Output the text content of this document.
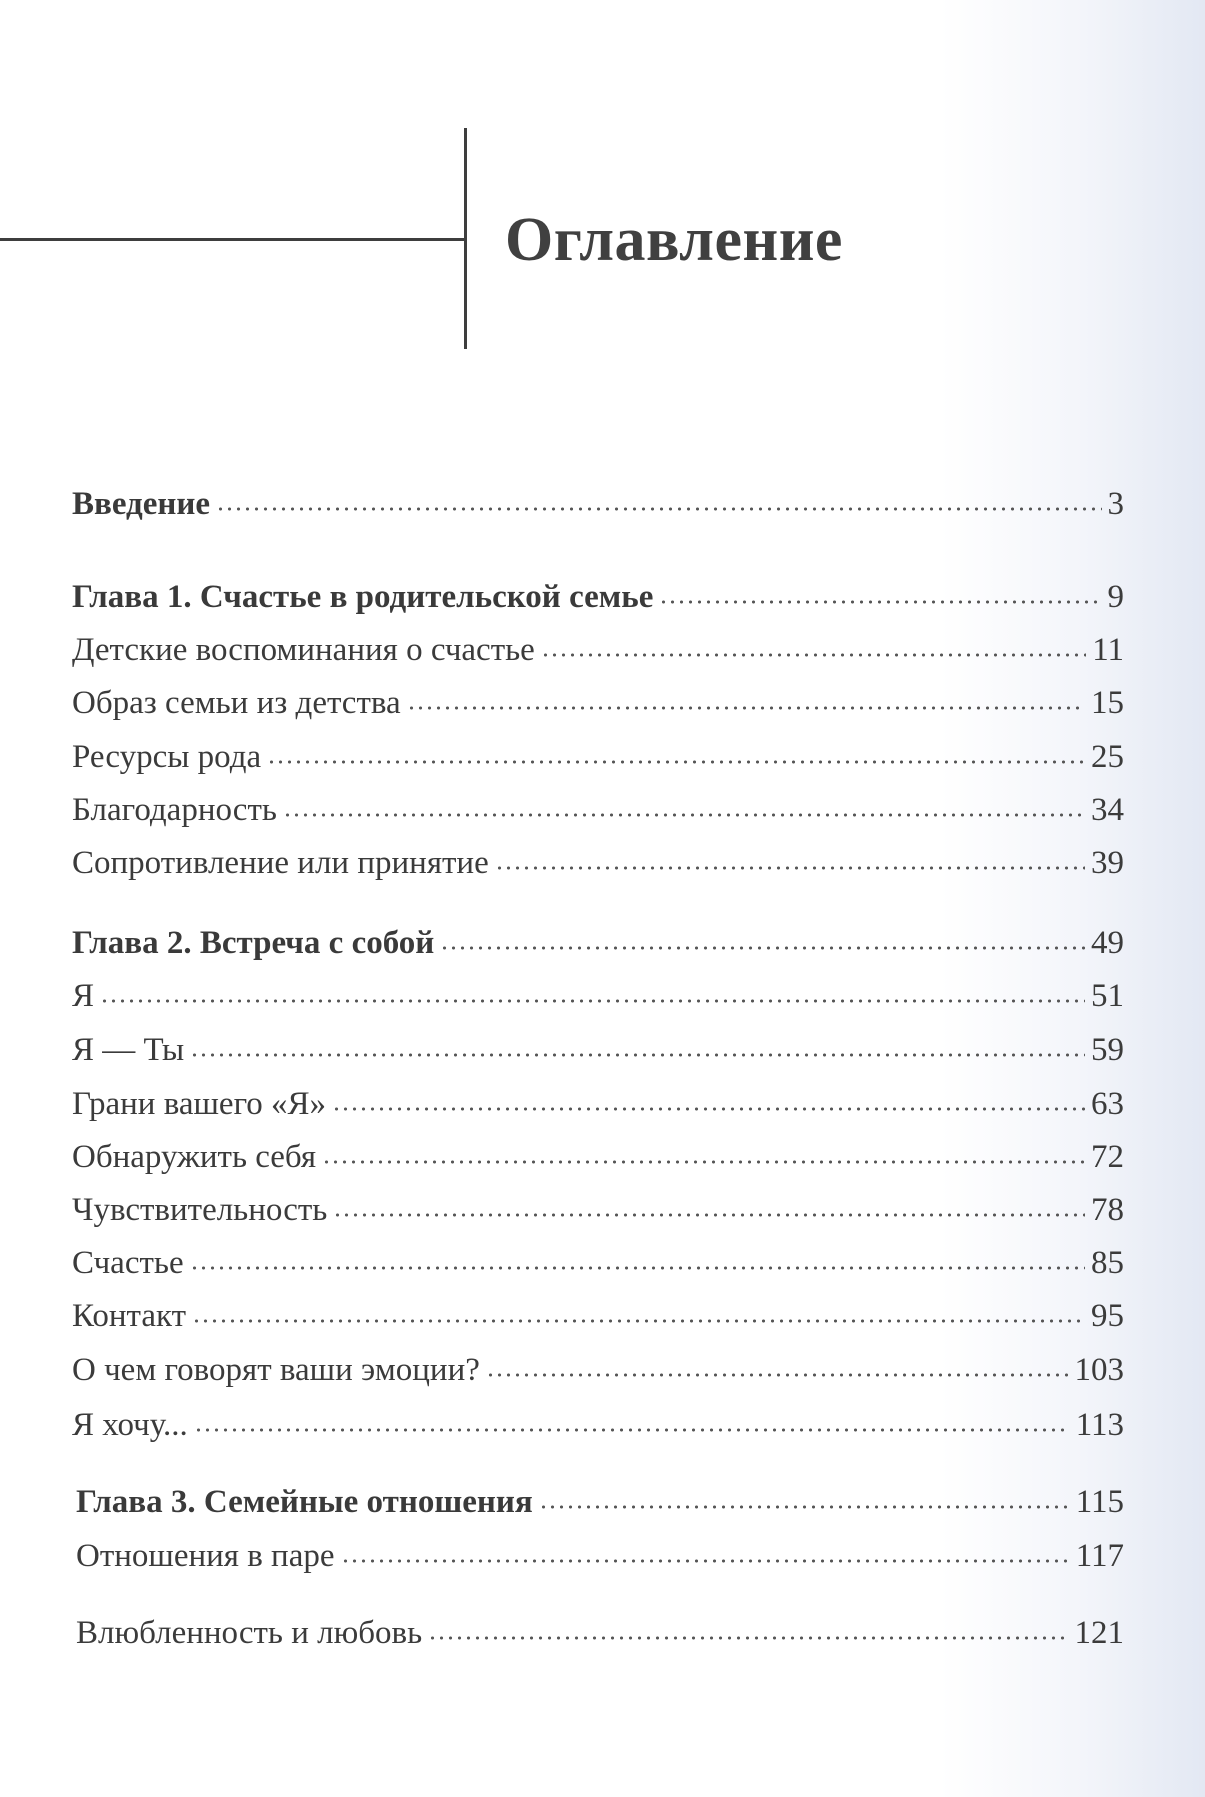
Оглавление
Введение	3
Глава 1. Счастье в родительской семье	9
Детские воспоминания о счастье	11
Образ семьи из детства	15
Ресурсы рода	25
Благодарность	34
Сопротивление или принятие	39
Глава 2. Встреча с собой	49
Я	51
Я — Ты	59
Грани вашего «Я»	63
Обнаружить себя	72
Чувствительность	78
Счастье	85
Контакт	95
О чем говорят ваши эмоции?	103
Я хочу...	113
Глава 3. Семейные отношения	115
Отношения в паре	117
Влюбленность и любовь	121
